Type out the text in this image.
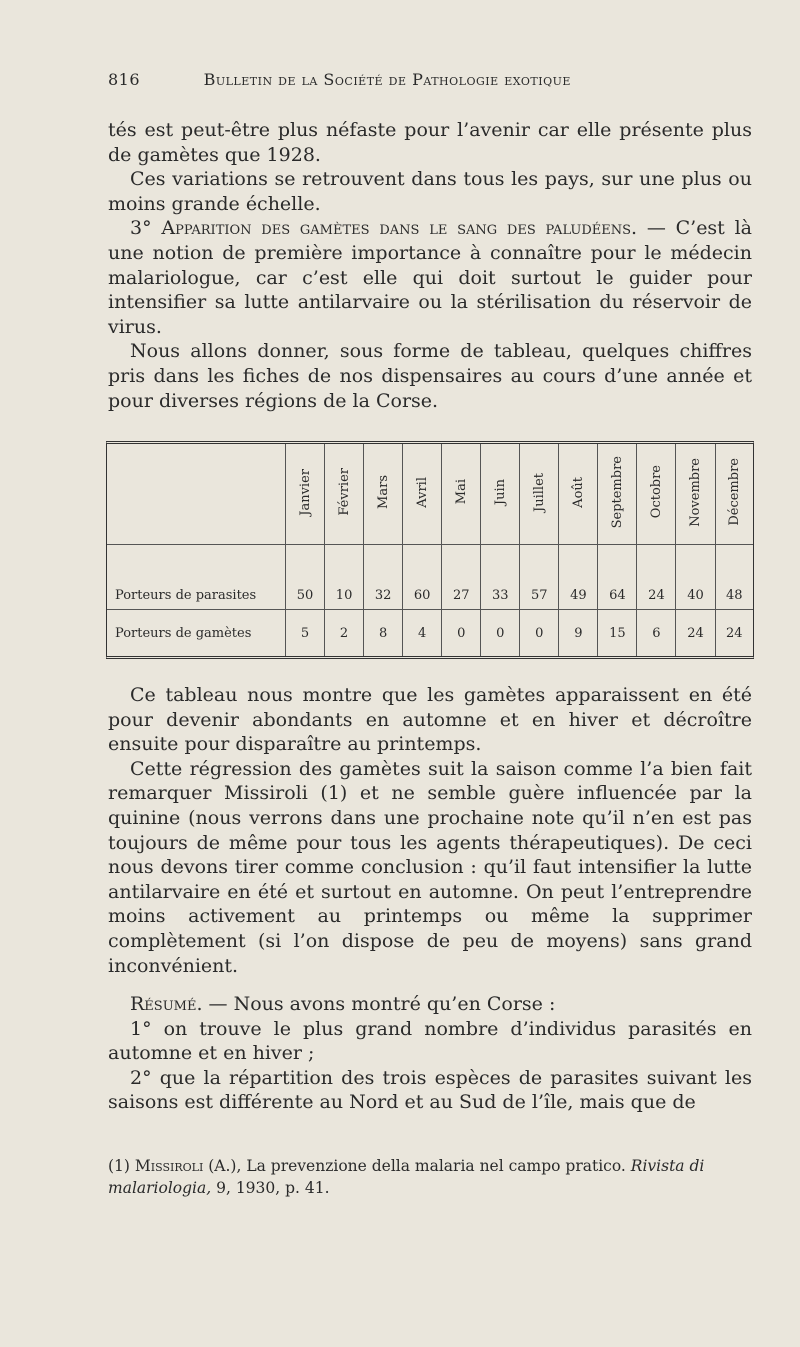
816	Bulletin de la Société de Pathologie exotique

tés est peut-être plus néfaste pour l’avenir car elle présente plus de gamètes que 1928.

Ces variations se retrouvent dans tous les pays, sur une plus ou moins grande échelle.

3° Apparition des gamètes dans le sang des paludéens. — C’est là une notion de première importance à connaître pour le médecin malariologue, car c’est elle qui doit surtout le guider pour intensifier sa lutte antilarvaire ou la stérilisation du réservoir de virus.

Nous allons donner, sous forme de tableau, quelques chiffres pris dans les fiches de nos dispensaires au cours d’une année et pour diverses régions de la Corse.

	Janvier	Février	Mars	Avril	Mai	Juin	Juillet	Août	Septembre	Octobre	Novembre	Décembre
Porteurs de parasites	50	10	32	60	27	33	57	49	64	24	40	48
Porteurs de gamètes	5	2	8	4	0	0	0	9	15	6	24	24

Ce tableau nous montre que les gamètes apparaissent en été pour devenir abondants en automne et en hiver et décroître ensuite pour disparaître au printemps.

Cette régression des gamètes suit la saison comme l’a bien fait remarquer Missiroli (1) et ne semble guère influencée par la quinine (nous verrons dans une prochaine note qu’il n’en est pas toujours de même pour tous les agents thérapeutiques). De ceci nous devons tirer comme conclusion : qu’il faut intensifier la lutte antilarvaire en été et surtout en automne. On peut l’entreprendre moins activement au printemps ou même la supprimer complètement (si l’on dispose de peu de moyens) sans grand inconvénient.

Résumé. — Nous avons montré qu’en Corse :

1° on trouve le plus grand nombre d’individus parasités en automne et en hiver ;

2° que la répartition des trois espèces de parasites suivant les saisons est différente au Nord et au Sud de l’île, mais que de

(1) Missiroli (A.), La prevenzione della malaria nel campo pratico. Rivista di malariologia, 9, 1930, p. 41.
